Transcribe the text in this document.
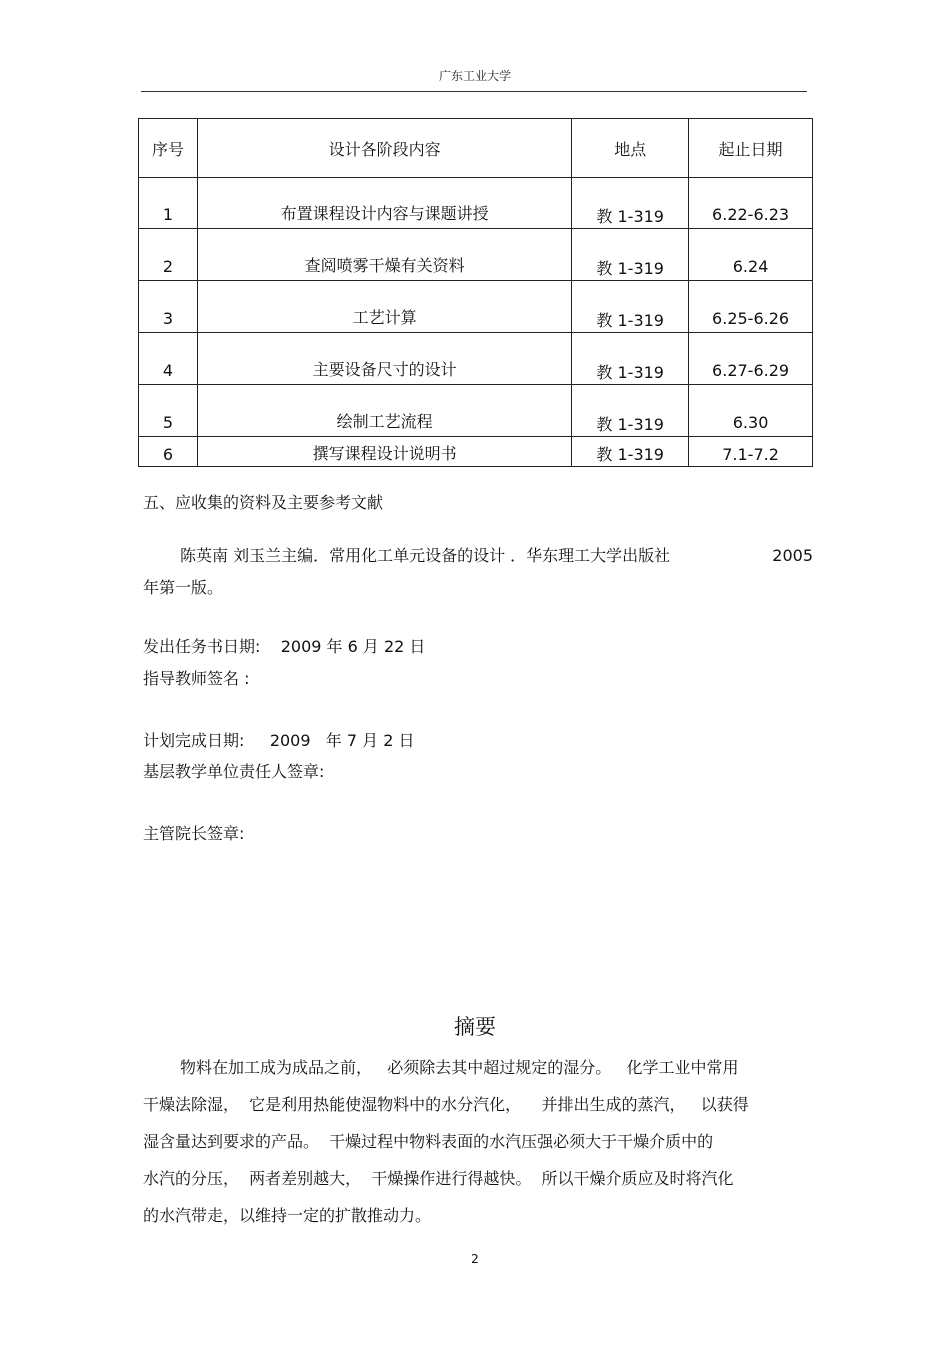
广东工业大学
序号	设计各阶段内容	地点	起止日期
1	布置课程设计内容与课题讲授	教 1-319	6.22-6.23
2	查阅喷雾干燥有关资料	教 1-319	6.24
3	工艺计算	教 1-319	6.25-6.26
4	主要设备尺寸的设计	教 1-319	6.27-6.29
5	绘制工艺流程	教 1-319	6.30
6	撰写课程设计说明书	教 1-319	7.1-7.2
五、应收集的资料及主要参考文献
陈英南 刘玉兰主编．常用化工单元设备的设计 ．华东理工大学出版社	2005

年第一版。
发出任务书日期:    2009 年 6 月 22 日
指导教师签名 :
计划完成日期:     2009   年 7 月 2 日
基层教学单位责任人签章:
主管院长签章:
摘要
物料在加工成为成品之前，   必须除去其中超过规定的湿分。   化学工业中常用
干燥法除湿，  它是利用热能使湿物料中的水分汽化，    并排出生成的蒸汽，   以获得
湿含量达到要求的产品。  干燥过程中物料表面的水汽压强必须大于干燥介质中的
水汽的分压，  两者差别越大，  干燥操作进行得越快。  所以干燥介质应及时将汽化
的水汽带走，以维持一定的扩散推动力。
2
